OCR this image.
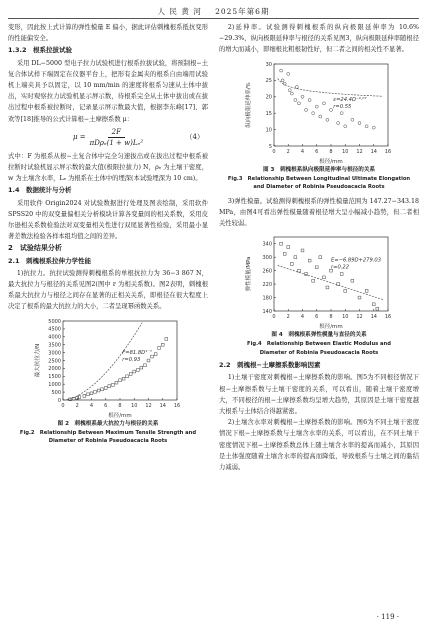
人 民 黄 河 2025年第6期

变形，因此按上式计算的弹性模量 E 偏小，据此评估刺槐根系抵抗变形的性能偏安全。

1.3.2　根系拉拔试验

采用 DL−5000 型电子拉力试验机进行根系拉拔试验，将预制根−土复合体试样下端固定在仪器平台上，把形有金属夹的根系自由端用试验机上端夹具予以固定，以 10 mm/min 的速度将根系匀速从土体中拔出，实时观察拉力试验机显示屏示数，待根系完全从土体中拔出或在拔出过程中根系被拉断时，记录显示屏示数最大值，根据李东峰[17]、郭欢等[18]推导的公式计算根−土摩擦系数 μ：

$\mu = \frac{2F}{\text{πDρₑ(1 + w)Lₑ²}}$	（4）

式中：F 为根系从根−土复合体中完全匀速拔出或在拔出过程中根系被拉断时试验机显示屏示数的最大值(极限拉拔力) N，ρₑ 为土壤干密度，w 为土壤含水率，Lₑ 为根系在土体中的埋深(本试验埋深为 10 cm)。

1.4　数据统计与分析

采用软件 Origin2024 对试验数据进行处理及图表绘制，采用软件 SPSS20 中的双变量偏相关分析模块计算各变量间的相关系数，采用皮尔逊相关系数检验法对双变量相关性进行双尾显著性检验，采用最小显著差数法检验各样本组均值之间的差异。

2　试验结果分析
2.1　刺槐根系拉伸力学性能

1)抗拉力。抗拉试验测得刺槐根系的单根抗拉力为 36−3 867 N，最大抗拉力与根径的关系见图2(图中 r 为相关系数)。图2表明，刺槐根系最大抗拉力与根径之间存在显著的正相关关系，即根径在很大程度上决定了根系的最大抗拉力的大小，二者呈现幂函数关系。

0 2 4 6 8 10 12 14 16
0
500
1000
1500
2000
2500
3000
3500
4000
4500
5000
根径/mm
最大抗拉力/N	F=81.8D¹˙⁷
r=0.93
图 2　刺槐根系最大抗拉力与根径的关系
Fig.2　Relationship Between Maximum Tensile Strength and
Diameter of Robinia Pseudoacacia Roots

2)延伸率。试验测得刺槐根系的纵向极限延伸率为 10.6%−29.3%，纵向极限延伸率与根径的关系见图3，纵向极限延伸率随根径的增大而减小，即细根比粗根韧性好，但二者之间的相关性不显著。

0 2 4 6 8 10 12 14 16
5
10
15
20
25
30
根径/mm
纵向极限延伸率/%	ε=24.4D⁻⁰·⁰⁷
r=0.55
图 3　刺槐根系纵向极限延伸率与根径的关系
Fig.3　Relationship Between Longitudinal Ultimate Elongation
and Diameter of Robinia Pseudoacacia Roots

3)弹性模量。试验测得刺槐根系的弹性模量范围为 147.27−343.18 MPa，由图4可看出弹性模量随着根径增大呈小幅减小趋势，但二者相关性较弱。

0 2 4 6 8 10 12 14 16
140
180
220
260
300
340
根径/mm
弹性模量/MPa	E=−6.89D+279.03
r=0.22
图 4　刺槐根系弹性模量与直径的关系
Fig.4　Relationship Between Elastic Modulus and
Diameter of Robinia Pseudoacacia Roots
2.2　刺槐根−土摩擦系数影响因素

1)土壤干密度对刺槐根−土摩擦系数的影响。图5为不同根径情况下根−土摩擦系数与土壤干密度的关系，可以看出，随着土壤干密度增大，不同根径的根−土摩擦系数均呈增大趋势，其原因是土壤干密度越大根系与土体结合得越紧密。

2)土壤含水率对刺槐根−土摩擦系数的影响。图6为不同土壤干密度情况下根−土摩擦系数与土壤含水率的关系，可以看出，在不同土壤干密度情况下根−土摩擦系数总体上随土壤含水率的提高而减小，其原因是土体强度随着土壤含水率的提高而降低，导致根系与土壤之间的黏结力减弱。

· 119 ·
